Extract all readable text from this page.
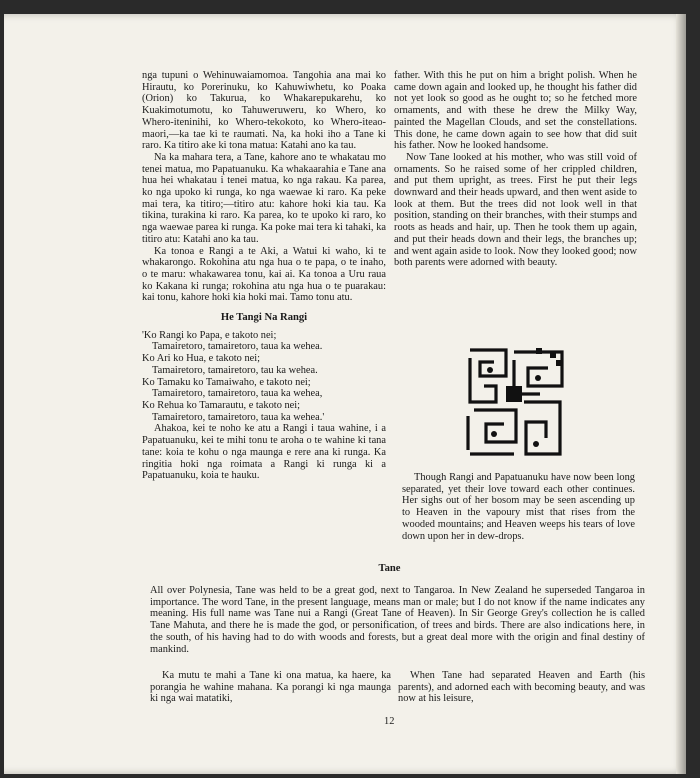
nga tupuni o Wehinuwaiamomoa. Tangohia ana mai ko Hirautu, ko Porerinuku, ko Kahuwiwhetu, ko Poaka (Orion) ko Takurua, ko Whakarepukarehu, ko Kuakimotumotu, ko Tahuweruweru, ko Whero, ko Whero-iteninihi, ko Whero-tekokoto, ko Whero-iteao-maori,—ka tae ki te raumati. Na, ka hoki iho a Tane ki raro. Ka titiro ake ki tona matua: Katahi ano ka tau.

Na ka mahara tera, a Tane, kahore ano te whakatau mo tenei matua, mo Papatuanuku. Ka whakaarahia e Tane ana hua hei whakatau i tenei matua, ko nga rakau. Ka parea, ko nga upoko ki runga, ko nga waewae ki raro. Ka peke mai tera, ka titiro;—titiro atu: kahore hoki kia tau. Ka tikina, turakina ki raro. Ka parea, ko te upoko ki raro, ko nga waewae parea ki runga. Ka poke mai tera ki tahaki, ka titiro atu: Katahi ano ka tau.

Ka tonoa e Rangi a te Aki, a Watui ki waho, ki te whakarongo. Rokohina atu nga hua o te papa, o te inaho, o te maru: whakawarea tonu, kai ai. Ka tonoa a Uru raua ko Kakana ki runga; rokohina atu nga hua o te puarakau: kai tonu, kahore hoki kia hoki mai. Tamo tonu atu.

He Tangi Na Rangi

'Ko Rangi ko Papa, e takoto nei;

Tamairetoro, tamairetoro, taua ka wehea.

Ko Ari ko Hua, e takoto nei;

Tamairetoro, tamairetoro, tau ka wehea.

Ko Tamaku ko Tamaiwaho, e takoto nei;

Tamairetoro, tamairetoro, taua ka wehea,

Ko Rehua ko Tamarautu, e takoto nei;

Tamairetoro, tamairetoro, taua ka wehea.'

Ahakoa, kei te noho ke atu a Rangi i taua wahine, i a Papatuanuku, kei te mihi tonu te aroha o te wahine ki tana tane: koia te kohu o nga maunga e rere ana ki runga. Ka ringitia hoki nga roimata a Rangi ki runga ki a Papatuanuku, koia te hauku.

father. With this he put on him a bright polish. When he came down again and looked up, he thought his father did not yet look so good as he ought to; so he fetched more ornaments, and with these he drew the Milky Way, painted the Magellan Clouds, and set the constellations. This done, he came down again to see how that did suit his father. Now he looked handsome.

Now Tane looked at his mother, who was still void of ornaments. So he raised some of her crippled children, and put them upright, as trees. First he put their legs downward and their heads upward, and then went aside to look at them. But the trees did not look well in that position, standing on their branches, with their stumps and roots as heads and hair, up. Then he took them up again, and put their heads down and their legs, the branches up; and went again aside to look. Now they looked good; now both parents were adorned with beauty.

Though Rangi and Papatuanuku have now been long separated, yet their love toward each other continues. Her sighs out of her bosom may be seen ascending up to Heaven in the vapoury mist that rises from the wooded mountains; and Heaven weeps his tears of love down upon her in dew-drops.

Tane

All over Polynesia, Tane was held to be a great god, next to Tangaroa. In New Zealand he superseded Tangaroa in importance. The word Tane, in the present language, means man or male; but I do not know if the name indicates any meaning. His full name was Tane nui a Rangi (Great Tane of Heaven). In Sir George Grey's collection he is called Tane Mahuta, and there he is made the god, or personification, of trees and birds. There are also indications here, in the south, of his having had to do with woods and forests, but a great deal more with the origin and final destiny of mankind.

Ka mutu te mahi a Tane ki ona matua, ka haere, ka porangia he wahine mahana. Ka porangi ki nga maunga ki nga wai matatiki,

When Tane had separated Heaven and Earth (his parents), and adorned each with becoming beauty, and was now at his leisure,

12
